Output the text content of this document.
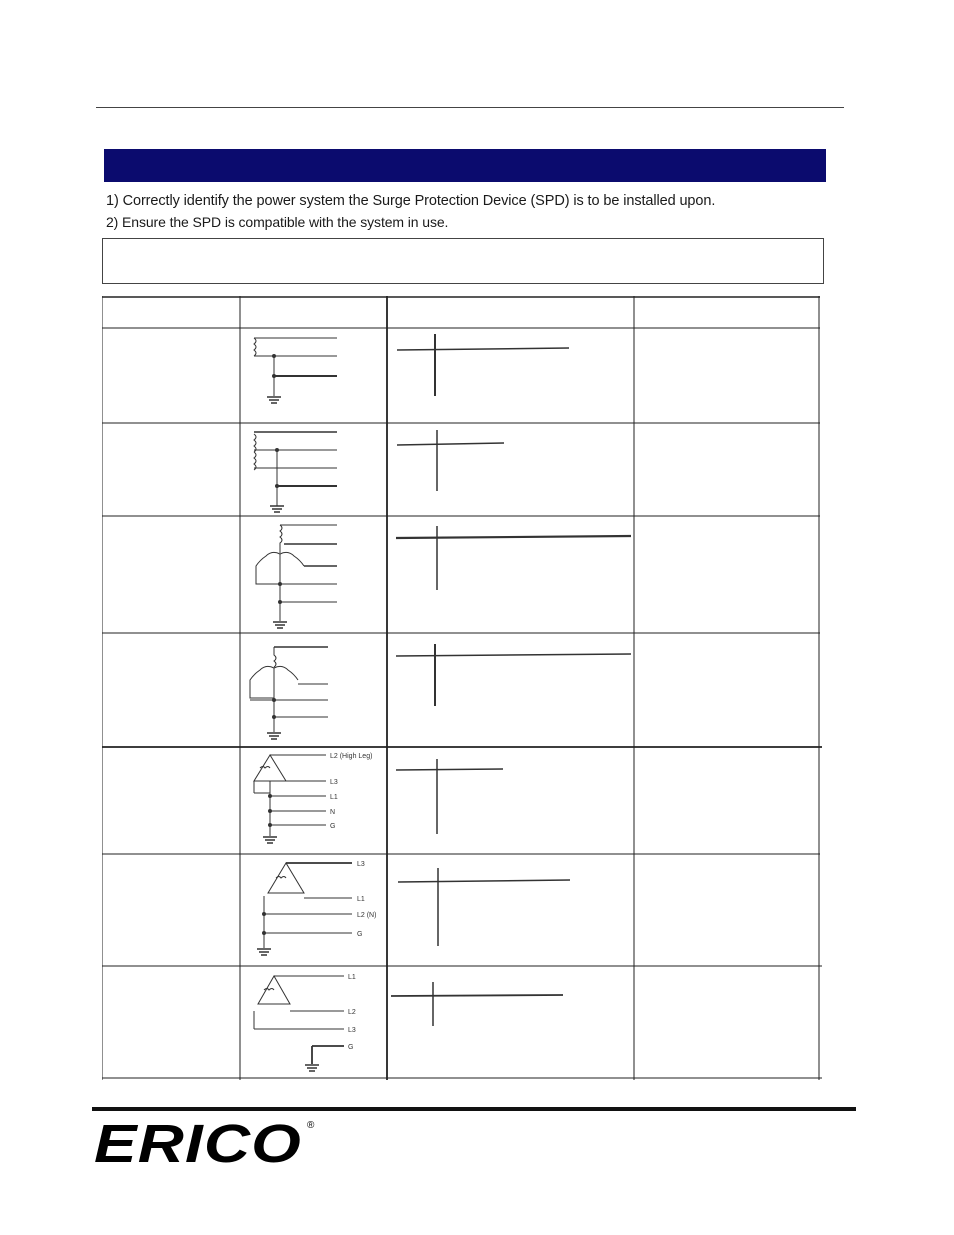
1) Correctly identify the power system the Surge Protection Device (SPD) is to be installed upon.
2) Ensure the SPD is compatible with the system in use.
L2 (High Leg)
L3
L1
N
G
L3
L1
L2 (N)
G
L1
L2
L3
G
ERICO ®
